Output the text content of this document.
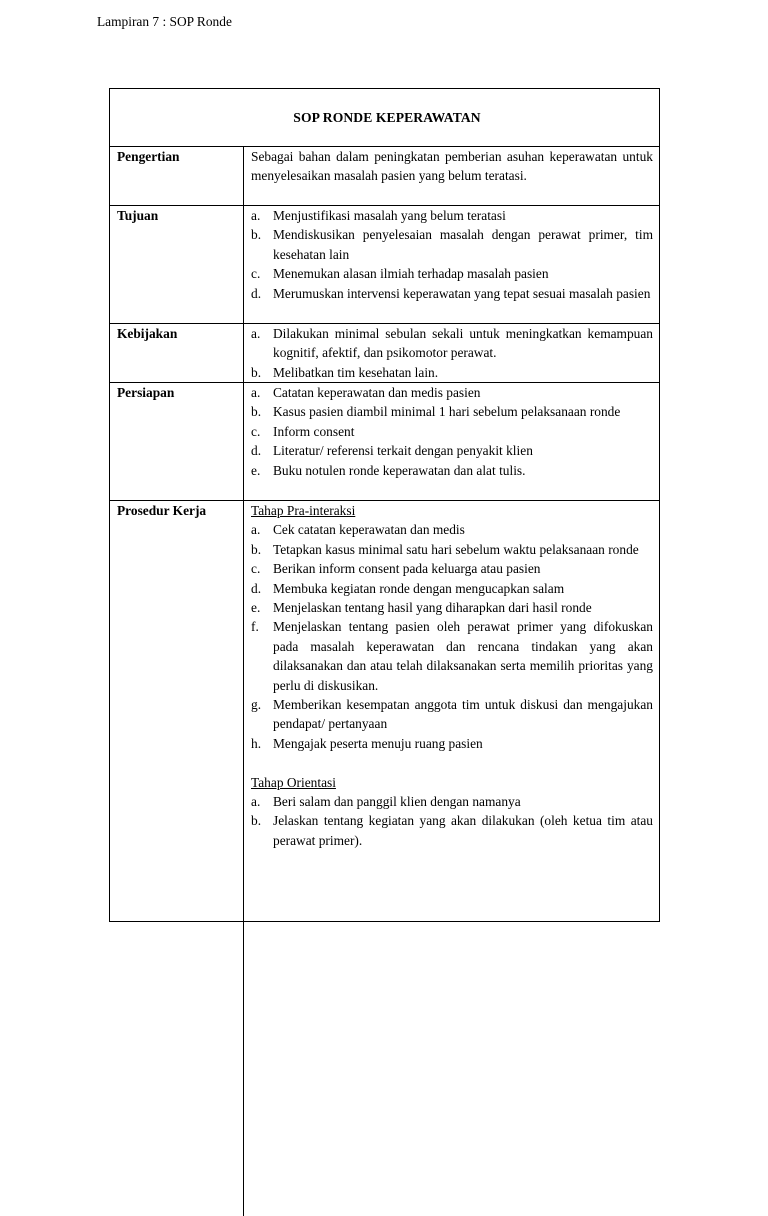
Lampiran 7 : SOP Ronde
SOP RONDE KEPERAWATAN
Pengertian	Sebagai bahan dalam peningkatan pemberian asuhan keperawatan untuk menyelesaikan masalah pasien yang belum teratasi.
Tujuan	a. Menjustifikasi masalah yang belum teratasi
b. Mendiskusikan penyelesaian masalah dengan perawat primer, tim kesehatan lain
c. Menemukan alasan ilmiah terhadap masalah pasien
d. Merumuskan intervensi keperawatan yang tepat sesuai masalah pasien
Kebijakan	a. Dilakukan minimal sebulan sekali untuk meningkatkan kemampuan kognitif, afektif, dan psikomotor perawat.
b. Melibatkan tim kesehatan lain.
Persiapan	a. Catatan keperawatan dan medis pasien
b. Kasus pasien diambil minimal 1 hari sebelum pelaksanaan ronde
c. Inform consent
d. Literatur/ referensi terkait dengan penyakit klien
e. Buku notulen ronde keperawatan dan alat tulis.
Prosedur Kerja	Tahap Pra-interaksi
a. Cek catatan keperawatan dan medis
b. Tetapkan kasus minimal satu hari sebelum waktu pelaksanaan ronde
c. Berikan inform consent pada keluarga atau pasien
d. Membuka kegiatan ronde dengan mengucapkan salam
e. Menjelaskan tentang hasil yang diharapkan dari hasil ronde
f.	Menjelaskan tentang pasien oleh perawat primer yang difokuskan pada masalah keperawatan dan rencana tindakan yang akan dilaksanakan dan atau telah dilaksanakan serta memilih prioritas yang perlu di diskusikan.
g. Memberikan kesempatan anggota tim untuk diskusi dan mengajukan pendapat/ pertanyaan
h. Mengajak peserta menuju ruang pasien
Tahap Orientasi
a. Beri salam dan panggil klien dengan namanya
b. Jelaskan tentang kegiatan yang akan dilakukan (oleh ketua tim atau perawat primer).
